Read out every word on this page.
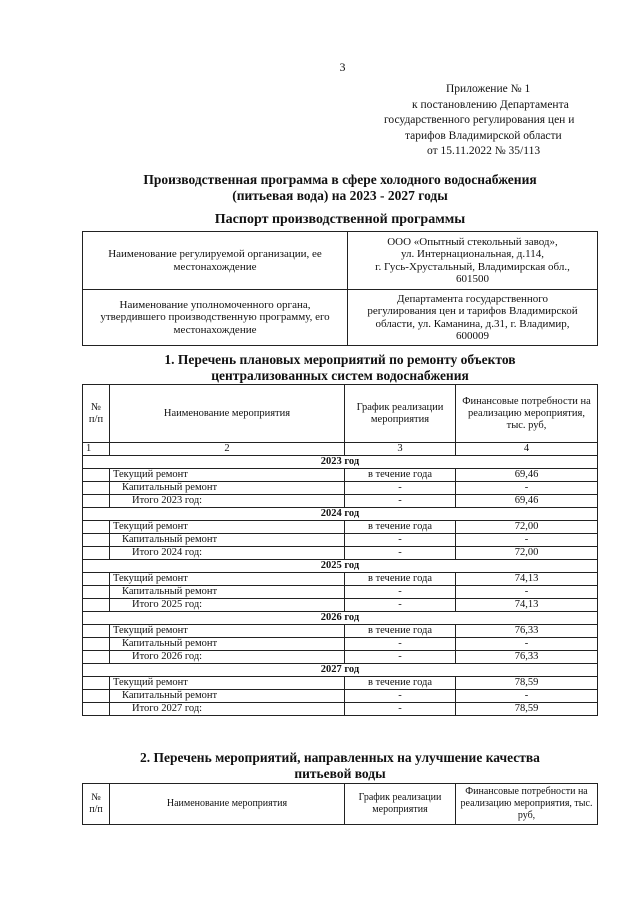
3
Приложение № 1
к постановлению Департамента
государственного регулирования цен и
тарифов Владимирской области
от 15.11.2022 № 35/113
Производственная программа в сфере холодного водоснабжения
(питьевая вода) на 2023 - 2027 годы
Паспорт производственной программы
Наименование регулируемой организации, ее местонахождение	ООО «Опытный стекольный завод»,
ул. Интернациональная, д.114,
г. Гусь-Хрустальный, Владимирская обл.,
601500

Наименование уполномоченного органа, утвердившего производственную программу, его местонахождение	Департамента государственного
регулирования цен и тарифов Владимирской
области, ул. Каманина, д.31, г. Владимир,
600009
1. Перечень плановых мероприятий по ремонту объектов
централизованных систем водоснабжения
№ п/п	Наименование мероприятия	График реализации мероприятия	Финансовые потребности на реализацию мероприятия, тыс. руб,
1	2	3	4
2023 год			
	Текущий ремонт	в течение года	69,46
	Капитальный ремонт	-	-
	Итого 2023 год:	-	69,46
2024 год			
	Текущий ремонт	в течение года	72,00
	Капитальный ремонт	-	-
	Итого 2024 год:	-	72,00
2025 год			
	Текущий ремонт	в течение года	74,13
	Капитальный ремонт	-	-
	Итого 2025 год:	-	74,13
2026 год			
	Текущий ремонт	в течение года	76,33
	Капитальный ремонт	-	-
	Итого 2026 год:	-	76,33
2027 год			
	Текущий ремонт	в течение года	78,59
	Капитальный ремонт	-	-
	Итого 2027 год:	-	78,59
2. Перечень мероприятий, направленных на улучшение качества
питьевой воды
№ п/п	Наименование мероприятия	График реализации мероприятия	Финансовые потребности на реализацию мероприятия, тыс. руб,
